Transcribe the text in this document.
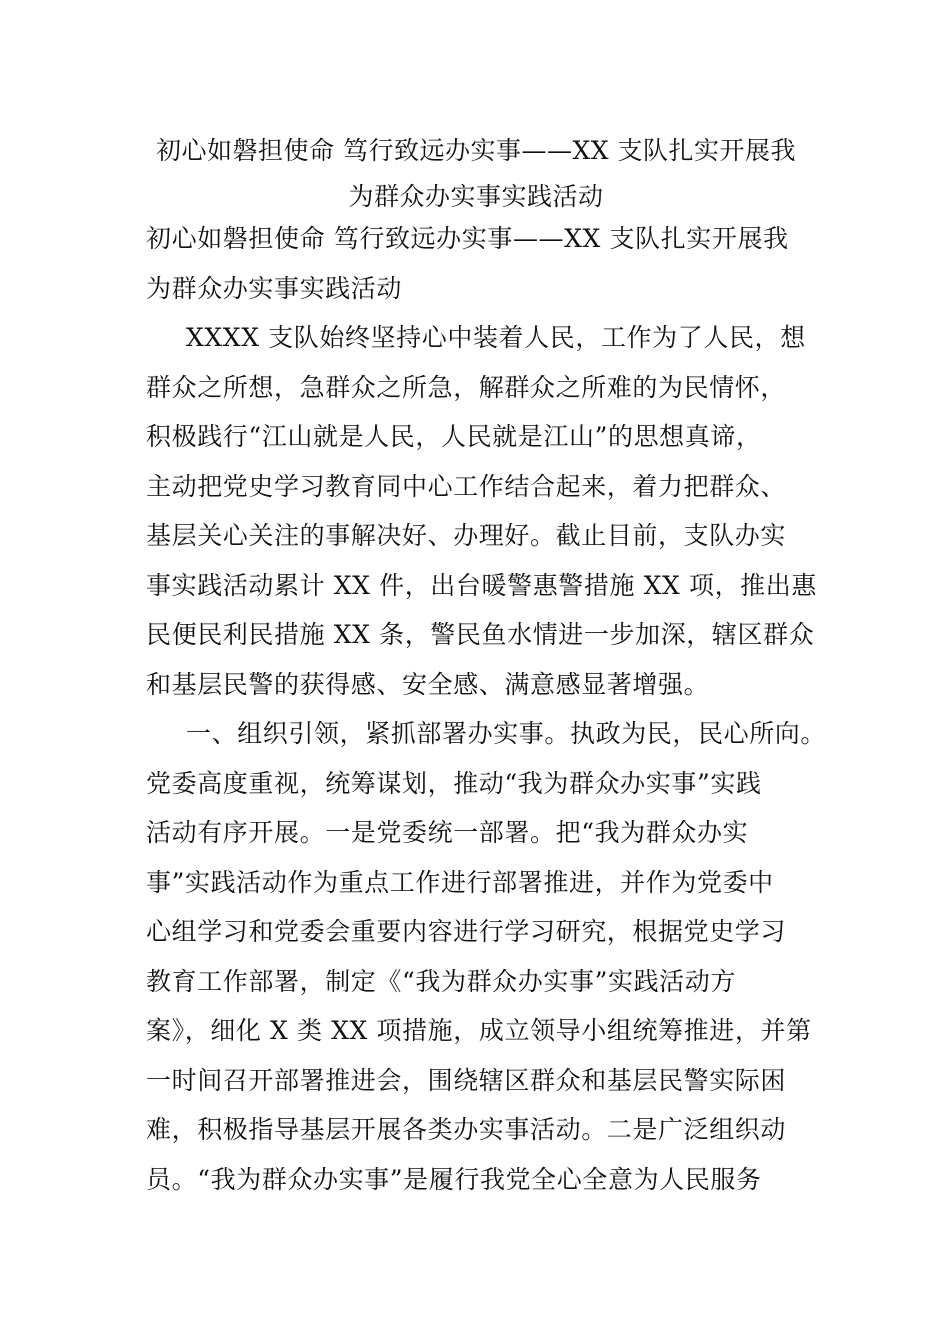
初心如磐担使命 笃行致远办实事——XX 支队扎实开展我
为群众办实事实践活动
初心如磐担使命 笃行致远办实事——XX 支队扎实开展我
为群众办实事实践活动
XXXX 支队始终坚持心中装着人民，工作为了人民，想
群众之所想，急群众之所急，解群众之所难的为民情怀，
积极践行“江山就是人民，人民就是江山”的思想真谛，
主动把党史学习教育同中心工作结合起来，着力把群众、
基层关心关注的事解决好、办理好。截止目前，支队办实
事实践活动累计 XX 件，出台暖警惠警措施 XX 项，推出惠
民便民利民措施 XX 条，警民鱼水情进一步加深，辖区群众
和基层民警的获得感、安全感、满意感显著增强。
一、组织引领，紧抓部署办实事。执政为民，民心所向。
党委高度重视，统筹谋划，推动“我为群众办实事”实践
活动有序开展。一是党委统一部署。把“我为群众办实
事”实践活动作为重点工作进行部署推进，并作为党委中
心组学习和党委会重要内容进行学习研究，根据党史学习
教育工作部署，制定《“我为群众办实事”实践活动方
案》，细化 X 类 XX 项措施，成立领导小组统筹推进，并第
一时间召开部署推进会，围绕辖区群众和基层民警实际困
难，积极指导基层开展各类办实事活动。二是广泛组织动
员。“我为群众办实事”是履行我党全心全意为人民服务
